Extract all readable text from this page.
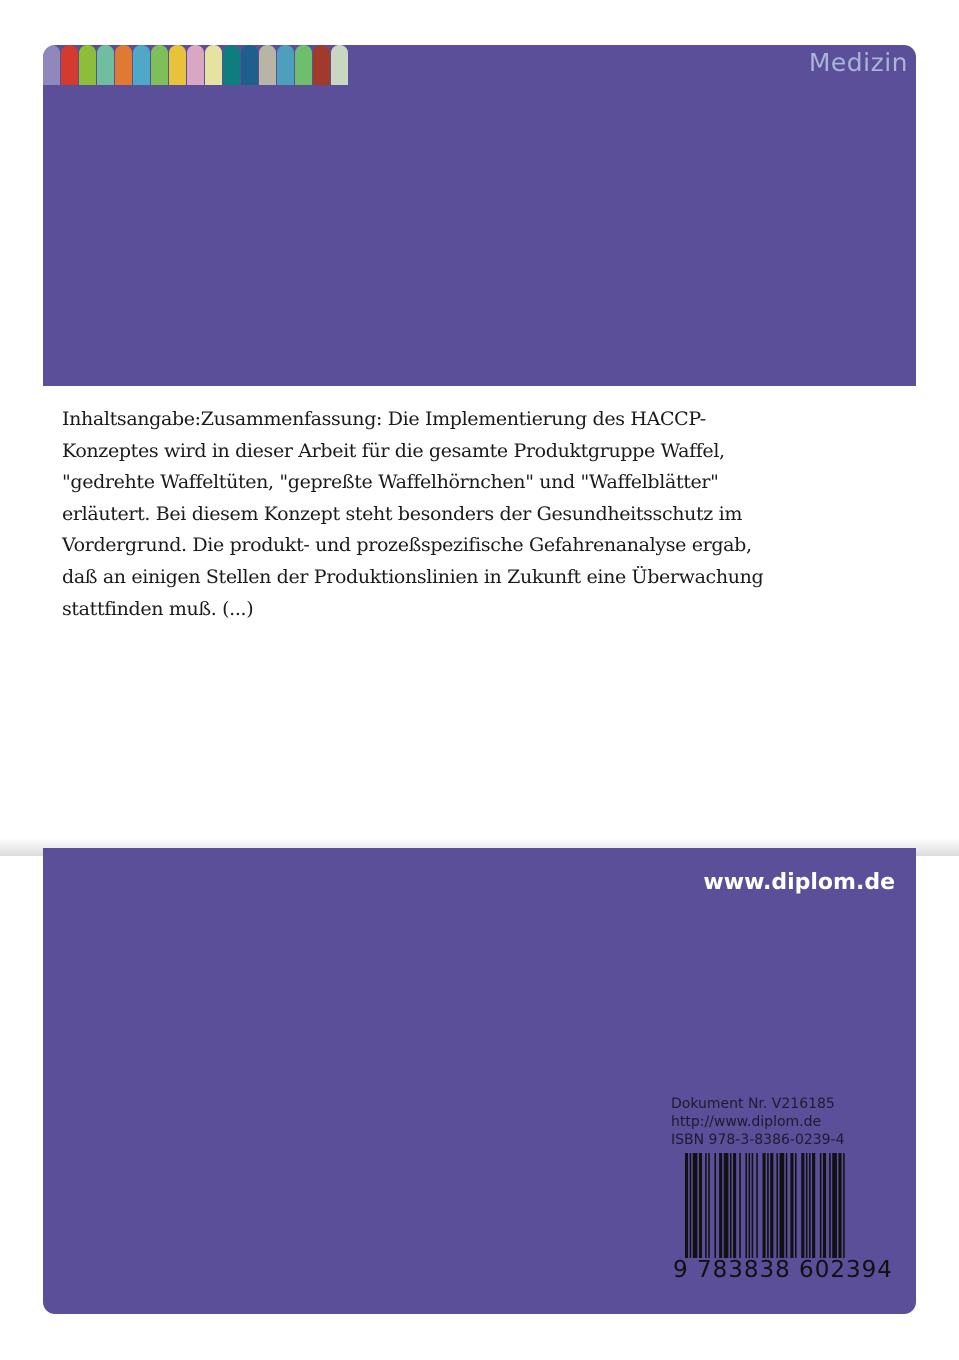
Medizin

Inhaltsangabe:Zusammenfassung: Die Implementierung des HACCP-Konzeptes wird in dieser Arbeit für die gesamte Produktgruppe Waffel, "gedrehte Waffeltüten, "gepreßte Waffelhörnchen" und "Waffelblätter" erläutert. Bei diesem Konzept steht besonders der Gesundheitsschutz im Vordergrund. Die produkt- und prozeßspezifische Gefahrenanalyse ergab, daß an einigen Stellen der Produktionslinien in Zukunft eine Überwachung stattfinden muß. (...)

www.diplom.de
Dokument Nr. V216185
http://www.diplom.de
ISBN 978-3-8386-0239-4
9 783838 602394
